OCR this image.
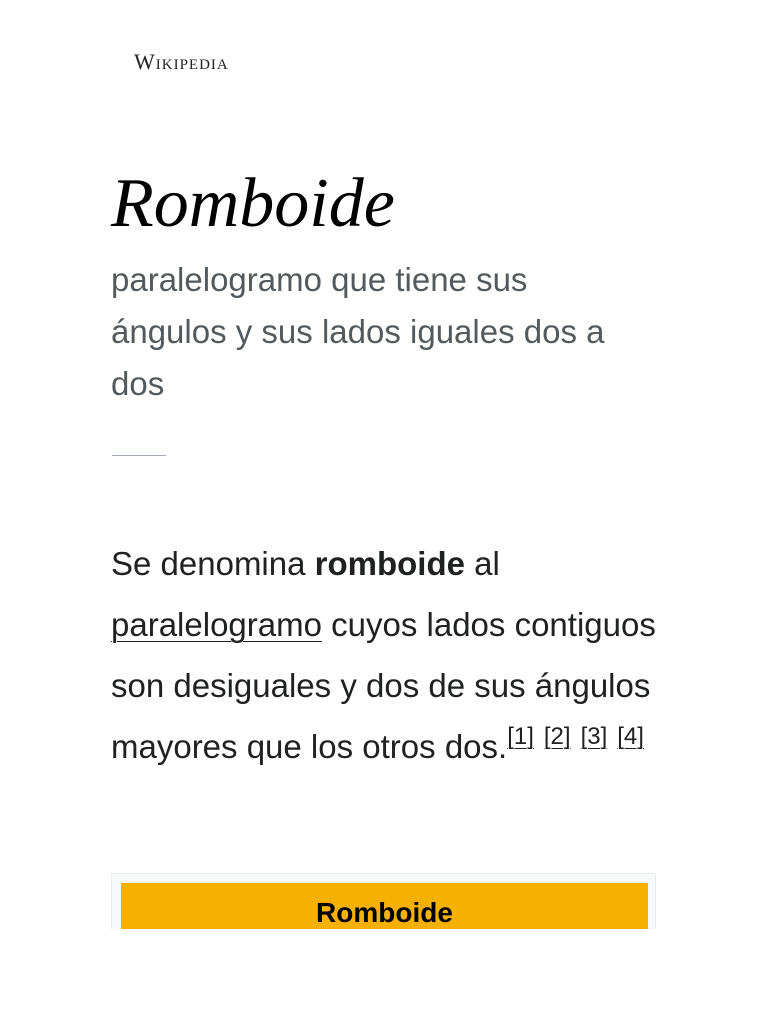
Wikipedia
Romboide

paralelogramo que tiene sus ángulos y sus lados iguales dos a dos

Se denomina romboide al paralelogramo cuyos lados contiguos son desiguales y dos de sus ángulos mayores que los otros dos.[1] [2] [3] [4]

Romboide
